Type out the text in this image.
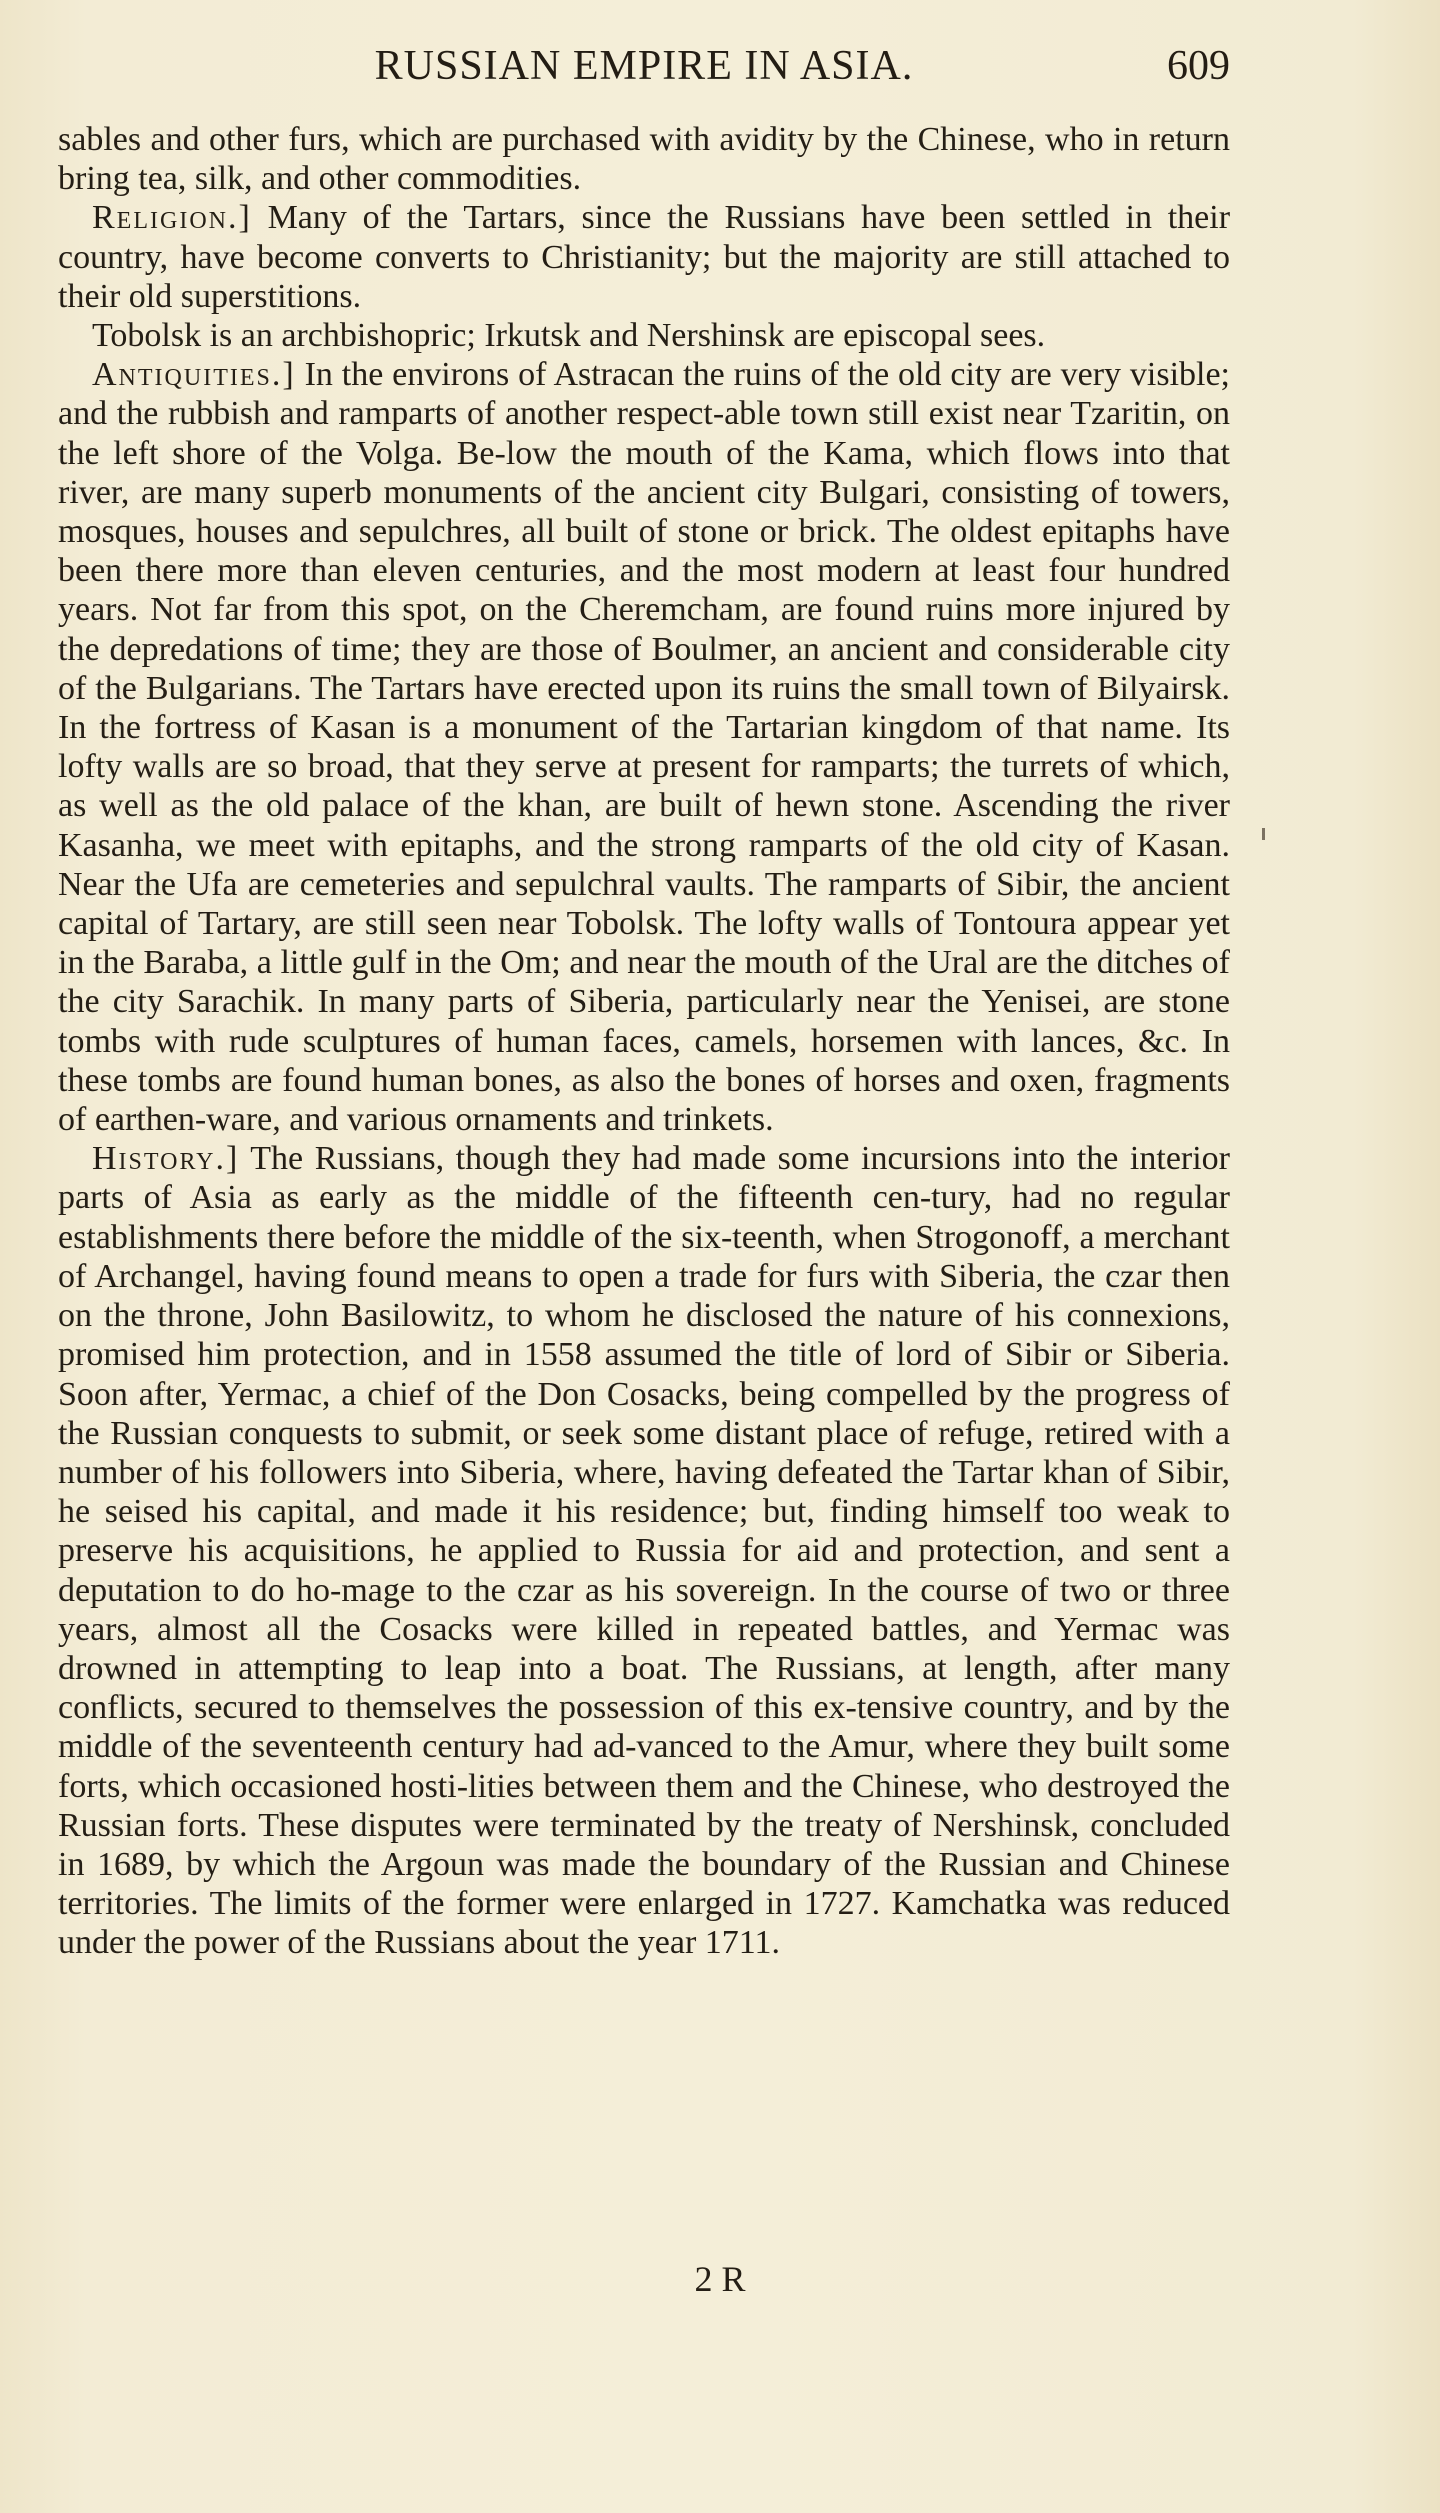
RUSSIAN EMPIRE IN ASIA.	609

sables and other furs, which are purchased with avidity by the Chinese, who in return bring tea, silk, and other commodities.

Religion.] Many of the Tartars, since the Russians have been settled in their country, have become converts to Christianity; but the majority are still attached to their old superstitions.

Tobolsk is an archbishopric; Irkutsk and Nershinsk are episcopal sees.

Antiquities.] In the environs of Astracan the ruins of the old city are very visible; and the rubbish and ramparts of another respect-able town still exist near Tzaritin, on the left shore of the Volga. Be-low the mouth of the Kama, which flows into that river, are many superb monuments of the ancient city Bulgari, consisting of towers, mosques, houses and sepulchres, all built of stone or brick. The oldest epitaphs have been there more than eleven centuries, and the most modern at least four hundred years. Not far from this spot, on the Cheremcham, are found ruins more injured by the depredations of time; they are those of Boulmer, an ancient and considerable city of the Bulgarians. The Tartars have erected upon its ruins the small town of Bilyairsk. In the fortress of Kasan is a monument of the Tartarian kingdom of that name. Its lofty walls are so broad, that they serve at present for ramparts; the turrets of which, as well as the old palace of the khan, are built of hewn stone. Ascending the river Kasanha, we meet with epitaphs, and the strong ramparts of the old city of Kasan. Near the Ufa are cemeteries and sepulchral vaults. The ramparts of Sibir, the ancient capital of Tartary, are still seen near Tobolsk. The lofty walls of Tontoura appear yet in the Baraba, a little gulf in the Om; and near the mouth of the Ural are the ditches of the city Sarachik. In many parts of Siberia, particularly near the Yenisei, are stone tombs with rude sculptures of human faces, camels, horsemen with lances, &c. In these tombs are found human bones, as also the bones of horses and oxen, fragments of earthen-ware, and various ornaments and trinkets.

History.] The Russians, though they had made some incursions into the interior parts of Asia as early as the middle of the fifteenth cen-tury, had no regular establishments there before the middle of the six-teenth, when Strogonoff, a merchant of Archangel, having found means to open a trade for furs with Siberia, the czar then on the throne, John Basilowitz, to whom he disclosed the nature of his connexions, promised him protection, and in 1558 assumed the title of lord of Sibir or Siberia. Soon after, Yermac, a chief of the Don Cosacks, being compelled by the progress of the Russian conquests to submit, or seek some distant place of refuge, retired with a number of his followers into Siberia, where, having defeated the Tartar khan of Sibir, he seised his capital, and made it his residence; but, finding himself too weak to preserve his acquisitions, he applied to Russia for aid and protection, and sent a deputation to do ho-mage to the czar as his sovereign. In the course of two or three years, almost all the Cosacks were killed in repeated battles, and Yermac was drowned in attempting to leap into a boat. The Russians, at length, after many conflicts, secured to themselves the possession of this ex-tensive country, and by the middle of the seventeenth century had ad-vanced to the Amur, where they built some forts, which occasioned hosti-lities between them and the Chinese, who destroyed the Russian forts. These disputes were terminated by the treaty of Nershinsk, concluded in 1689, by which the Argoun was made the boundary of the Russian and Chinese territories. The limits of the former were enlarged in 1727. Kamchatka was reduced under the power of the Russians about the year 1711.

2 R
